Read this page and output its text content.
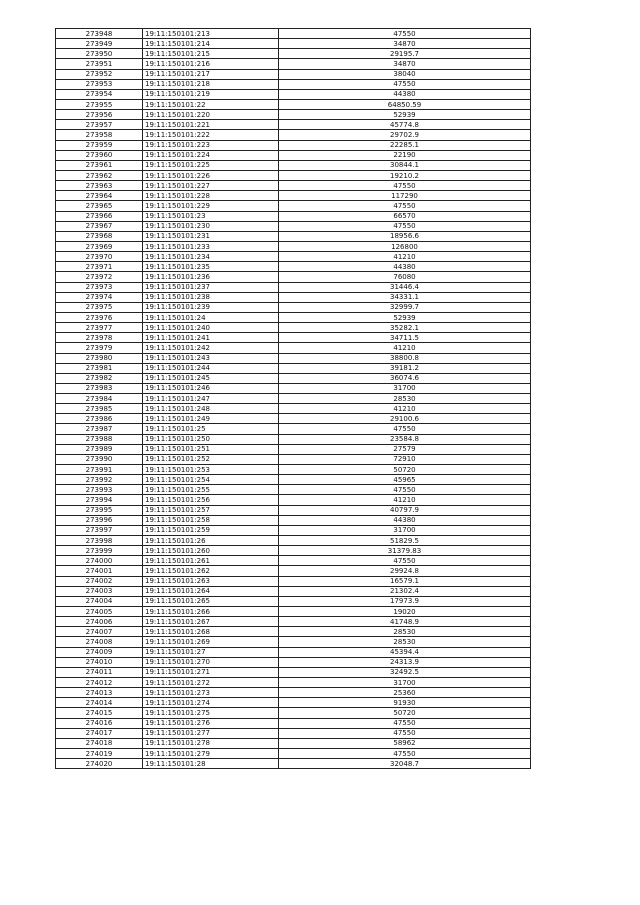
273948	19:11:150101:213	47550
273949	19:11:150101:214	34870
273950	19:11:150101:215	29195.7
273951	19:11:150101:216	34870
273952	19:11:150101:217	38040
273953	19:11:150101:218	47550
273954	19:11:150101:219	44380
273955	19:11:150101:22	64850.59
273956	19:11:150101:220	52939
273957	19:11:150101:221	45774.8
273958	19:11:150101:222	29702.9
273959	19:11:150101:223	22285.1
273960	19:11:150101:224	22190
273961	19:11:150101:225	30844.1
273962	19:11:150101:226	19210.2
273963	19:11:150101:227	47550
273964	19:11:150101:228	117290
273965	19:11:150101:229	47550
273966	19:11:150101:23	66570
273967	19:11:150101:230	47550
273968	19:11:150101:231	18956.6
273969	19:11:150101:233	126800
273970	19:11:150101:234	41210
273971	19:11:150101:235	44380
273972	19:11:150101:236	76080
273973	19:11:150101:237	31446.4
273974	19:11:150101:238	34331.1
273975	19:11:150101:239	32999.7
273976	19:11:150101:24	52939
273977	19:11:150101:240	35282.1
273978	19:11:150101:241	34711.5
273979	19:11:150101:242	41210
273980	19:11:150101:243	38800.8
273981	19:11:150101:244	39181.2
273982	19:11:150101:245	36074.6
273983	19:11:150101:246	31700
273984	19:11:150101:247	28530
273985	19:11:150101:248	41210
273986	19:11:150101:249	29100.6
273987	19:11:150101:25	47550
273988	19:11:150101:250	23584.8
273989	19:11:150101:251	27579
273990	19:11:150101:252	72910
273991	19:11:150101:253	50720
273992	19:11:150101:254	45965
273993	19:11:150101:255	47550
273994	19:11:150101:256	41210
273995	19:11:150101:257	40797.9
273996	19:11:150101:258	44380
273997	19:11:150101:259	31700
273998	19:11:150101:26	51829.5
273999	19:11:150101:260	31379.83
274000	19:11:150101:261	47550
274001	19:11:150101:262	29924.8
274002	19:11:150101:263	16579.1
274003	19:11:150101:264	21302.4
274004	19:11:150101:265	17973.9
274005	19:11:150101:266	19020
274006	19:11:150101:267	41748.9
274007	19:11:150101:268	28530
274008	19:11:150101:269	28530
274009	19:11:150101:27	45394.4
274010	19:11:150101:270	24313.9
274011	19:11:150101:271	32492.5
274012	19:11:150101:272	31700
274013	19:11:150101:273	25360
274014	19:11:150101:274	91930
274015	19:11:150101:275	50720
274016	19:11:150101:276	47550
274017	19:11:150101:277	47550
274018	19:11:150101:278	58962
274019	19:11:150101:279	47550
274020	19:11:150101:28	32048.7
